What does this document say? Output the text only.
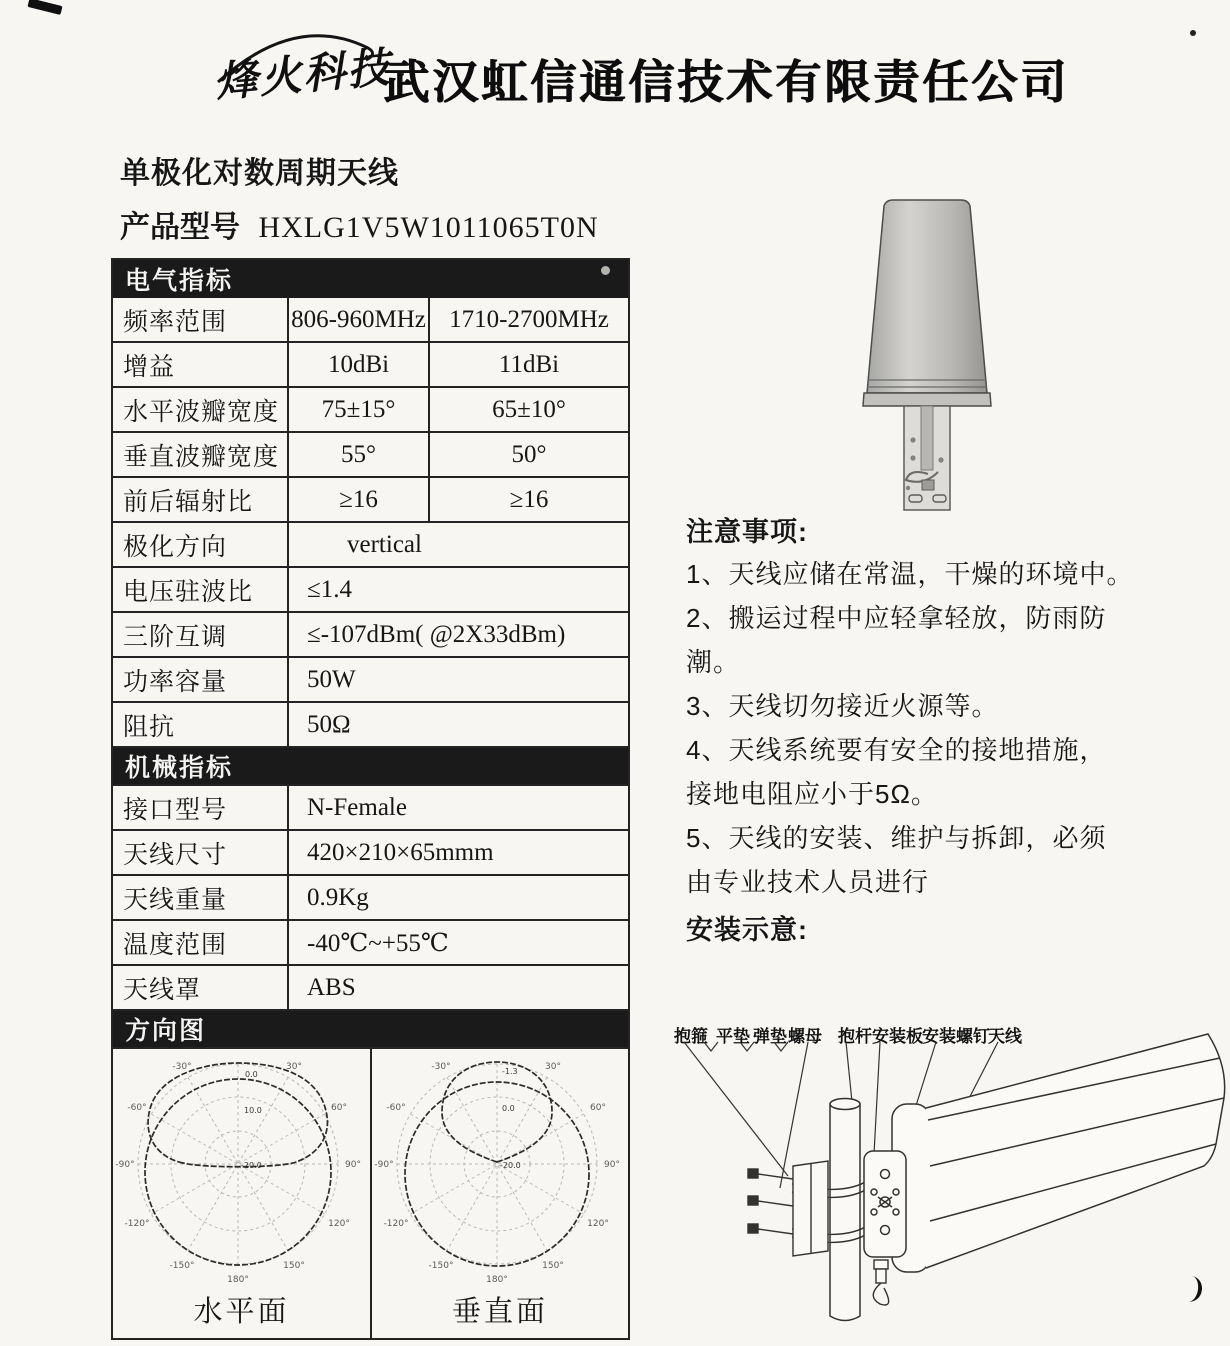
烽火科技
武汉虹信通信技术有限责任公司
单极化对数周期天线
产品型号 HXLG1V5W1011065T0N
电气指标
频率范围	806-960MHz 1710-2700MHz
增益	10dBi	11dBi
水平波瓣宽度	75±15°	65±10°
垂直波瓣宽度	55°	50°
前后辐射比	≥16	≥16
极化方向	vertical
电压驻波比	≤1.4
三阶互调	≤-107dBm( @2X33dBm)
功率容量	50W
阻抗	50Ω
机械指标
接口型号	N-Female
天线尺寸	420×210×65mmm
天线重量	0.9Kg
温度范围	-40℃~+55℃
天线罩	ABS
方向图
-30°	30°
-60°	60°
-90°	90°
-120°	120°
-150°	150°
180°
0.0
10.0
-20.0
水平面
-30°	30°
-60°	60°
-90°	90°
-120°	120°
-150°	150°
180°
-1.3
0.0
-20.0
垂直面
注意事项:
1、天线应储在常温，干燥的环境中。
2、搬运过程中应轻拿轻放，防雨防
潮。
3、天线切勿接近火源等。
4、天线系统要有安全的接地措施，
接地电阻应小于5Ω。
5、天线的安装、维护与拆卸，必须
由专业技术人员进行
安装示意:
抱箍 平垫 弹垫 螺母 抱杆 安装板 安装螺钉
天线
